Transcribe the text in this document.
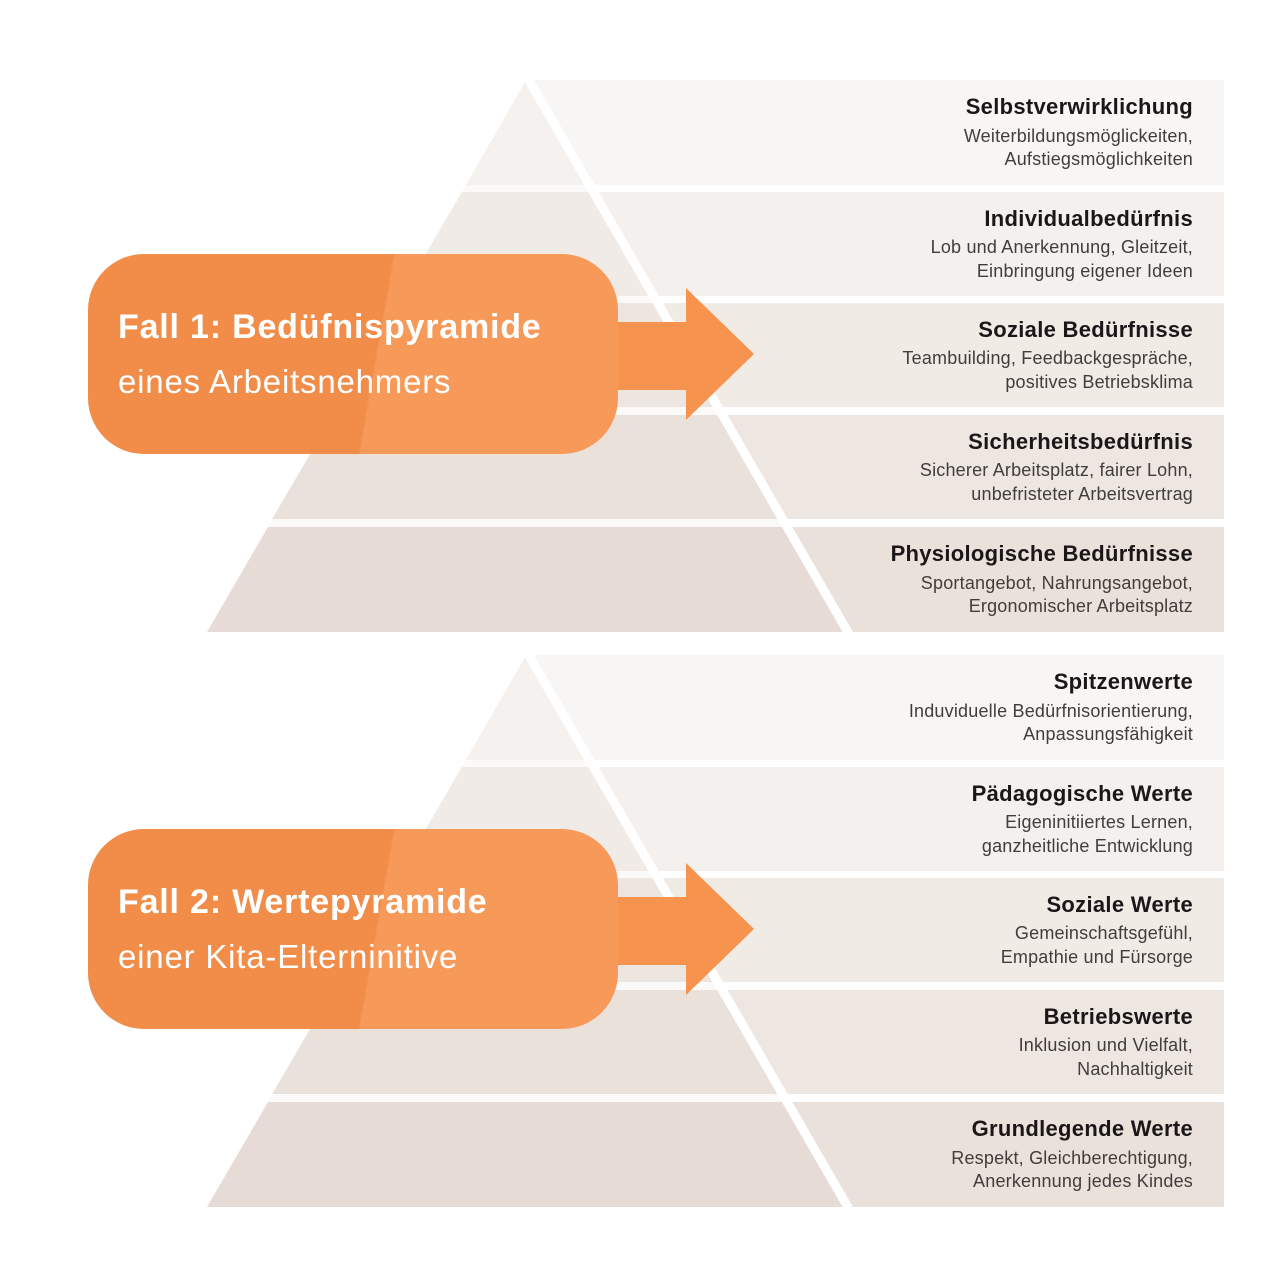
Selbstverwirklichung
Weiterbildungsmöglickeiten,
Aufstiegsmöglichkeiten
Individualbedürfnis
Lob und Anerkennung, Gleitzeit,
Einbringung eigener Ideen
Soziale Bedürfnisse
Teambuilding, Feedbackgespräche,
positives Betriebsklima
Sicherheitsbedürfnis
Sicherer Arbeitsplatz, fairer Lohn,
unbefristeter Arbeitsvertrag
Physiologische Bedürfnisse
Sportangebot, Nahrungsangebot,
Ergonomischer Arbeitsplatz
Spitzenwerte
Induviduelle Bedürfnisorientierung,
Anpassungsfähigkeit
Pädagogische Werte
Eigeninitiiertes Lernen,
ganzheitliche Entwicklung
Soziale Werte
Gemeinschaftsgefühl,
Empathie und Fürsorge
Betriebswerte
Inklusion und Vielfalt,
Nachhaltigkeit
Grundlegende Werte
Respekt, Gleichberechtigung,
Anerkennung jedes Kindes
Fall 1: Bedüfnispyramide
eines Arbeitsnehmers
Fall 2: Wertepyramide
einer Kita-Elterninitive
